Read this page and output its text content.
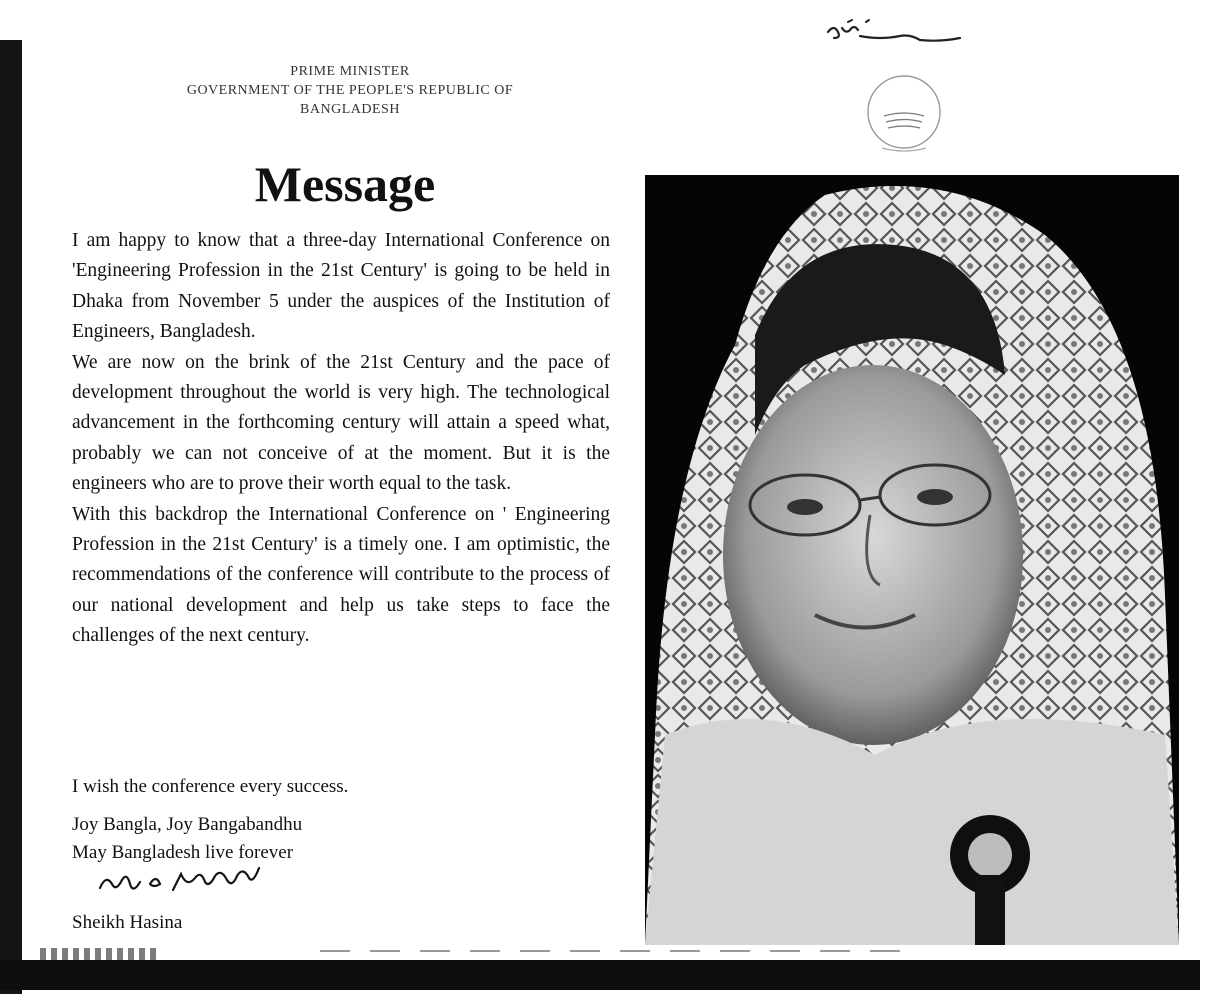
PRIME MINISTER
GOVERNMENT OF THE PEOPLE'S REPUBLIC OF
BANGLADESH
Message

I am happy to know that a three-day International Conference on 'Engineering Profession in the 21st Century' is going to be held in Dhaka from November 5 under the auspices of the Institution of Engineers, Bangladesh.

We are now on the brink of the 21st Century and the pace of development throughout the world is very high. The technological advancement in the forthcoming century will attain a speed what, probably we can not conceive of at the moment. But it is the engineers who are to prove their worth equal to the task.

With this backdrop the International Conference on ' Engineering Profession in the 21st Century' is a timely one. I am optimistic, the recommendations of the conference will contribute to the process of our national development and help us take steps to face the challenges of the next century.

I wish the conference every success.
Joy Bangla, Joy Bangabandhu
May Bangladesh live forever
Sheikh Hasina
